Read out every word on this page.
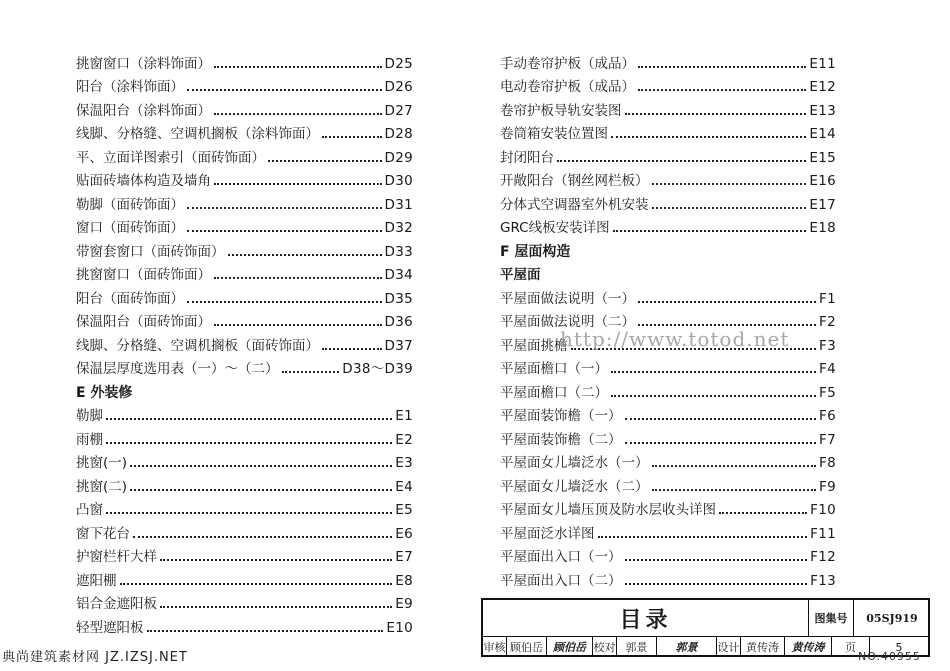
挑窗窗口（涂料饰面）	D25
阳台（涂料饰面）	D26
保温阳台（涂料饰面）	D27
线脚、分格缝、空调机搁板（涂料饰面）	D28
平、立面详图索引（面砖饰面）	D29
贴面砖墙体构造及墙角	D30
勒脚（面砖饰面）	D31
窗口（面砖饰面）	D32
带窗套窗口（面砖饰面）	D33
挑窗窗口（面砖饰面）	D34
阳台（面砖饰面）	D35
保温阳台（面砖饰面）	D36
线脚、分格缝、空调机搁板（面砖饰面）	D37
保温层厚度选用表（一）～（二）	D38～D39
E 外装修
勒脚	E1
雨棚	E2
挑窗(一)	E3
挑窗(二)	E4
凸窗	E5
窗下花台	E6
护窗栏杆大样	E7
遮阳棚	E8
铝合金遮阳板	E9
轻型遮阳板	E10
手动卷帘护板（成品）	E11
电动卷帘护板（成品）	E12
卷帘护板导轨安装图	E13
卷筒箱安装位置图	E14
封闭阳台	E15
开敞阳台（钢丝网栏板）	E16
分体式空调器室外机安装	E17
GRC线板安装详图	E18
F 屋面构造
平屋面
平屋面做法说明（一）	F1
平屋面做法说明（二）	F2
平屋面挑檐	F3
平屋面檐口（一）	F4
平屋面檐口（二）	F5
平屋面装饰檐（一）	F6
平屋面装饰檐（二）	F7
平屋面女儿墙泛水（一）	F8
平屋面女儿墙泛水（二）	F9
平屋面女儿墙压顶及防水层收头详图	F10
平屋面泛水详图	F11
平屋面出入口（一）	F12
平屋面出入口（二）	F13
http://www.totod.net
目录	图集号	05SJ919
审核 顾伯岳 顾伯岳 校对 郭景	郭景	设计 黄传涛	黄传涛	页	5
典尚建筑素材网 JZ.IZSJ.NET	NO.40955
